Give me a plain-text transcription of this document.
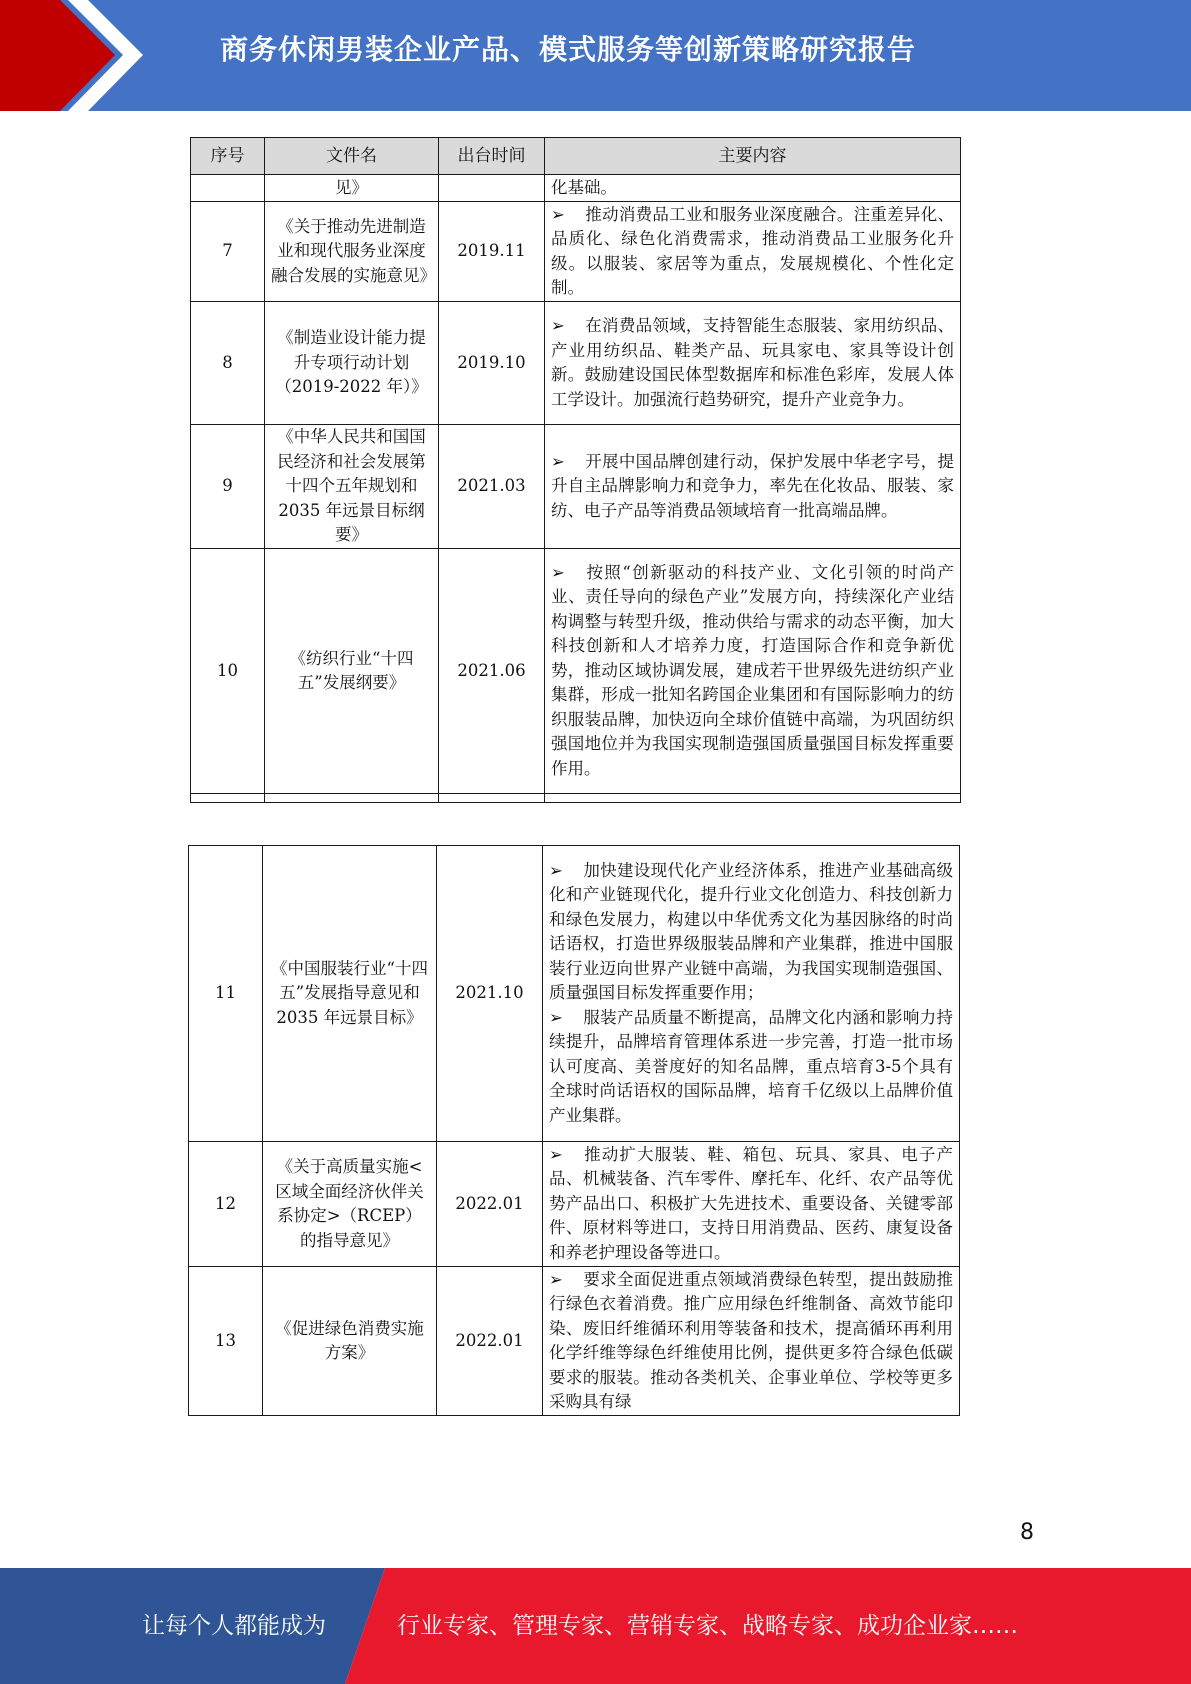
商务休闲男装企业产品、模式服务等创新策略研究报告
序号	文件名	出台时间	主要内容
	见》		化基础。
7	《关于推动先进制造业和现代服务业深度融合发展的实施意见》	2019.11	➢ 推动消费品工业和服务业深度融合。注重差异化、品质化、绿色化消费需求，推动消费品工业服务化升级。以服装、家居等为重点，发展规模化、个性化定制。
8	《制造业设计能力提升专项行动计划（2019-2022 年）》	2019.10	➢ 在消费品领域，支持智能生态服装、家用纺织品、产业用纺织品、鞋类产品、玩具家电、家具等设计创新。鼓励建设国民体型数据库和标准色彩库，发展人体工学设计。加强流行趋势研究，提升产业竞争力。
9	《中华人民共和国国民经济和社会发展第十四个五年规划和 2035 年远景目标纲要》	2021.03	➢ 开展中国品牌创建行动，保护发展中华老字号，提升自主品牌影响力和竞争力，率先在化妆品、服装、家纺、电子产品等消费品领域培育一批高端品牌。
10	《纺织行业“十四五”发展纲要》	2021.06	➢ 按照“创新驱动的科技产业、文化引领的时尚产业、责任导向的绿色产业”发展方向，持续深化产业结构调整与转型升级，推动供给与需求的动态平衡，加大科技创新和人才培养力度，打造国际合作和竞争新优势，推动区域协调发展，建成若干世界级先进纺织产业集群，形成一批知名跨国企业集团和有国际影响力的纺织服装品牌，加快迈向全球价值链中高端，为巩固纺织强国地位并为我国实现制造强国质量强国目标发挥重要作用。

11	《中国服装行业“十四五”发展指导意见和 2035 年远景目标》	2021.10	➢ 加快建设现代化产业经济体系，推进产业基础高级化和产业链现代化，提升行业文化创造力、科技创新力和绿色发展力，构建以中华优秀文化为基因脉络的时尚话语权，打造世界级服装品牌和产业集群，推进中国服装行业迈向世界产业链中高端，为我国实现制造强国、质量强国目标发挥重要作用；
➢ 服装产品质量不断提高，品牌文化内涵和影响力持续提升，品牌培育管理体系进一步完善，打造一批市场认可度高、美誉度好的知名品牌，重点培育3-5个具有全球时尚话语权的国际品牌，培育千亿级以上品牌价值产业集群。

12	《关于高质量实施<区域全面经济伙伴关系协定>（RCEP）的指导意见》	2022.01	➢ 推动扩大服装、鞋、箱包、玩具、家具、电子产品、机械装备、汽车零件、摩托车、化纤、农产品等优势产品出口、积极扩大先进技术、重要设备、关键零部件、原材料等进口，支持日用消费品、医药、康复设备和养老护理设备等进口。
13	《促进绿色消费实施方案》	2022.01	➢ 要求全面促进重点领域消费绿色转型，提出鼓励推行绿色衣着消费。推广应用绿色纤维制备、高效节能印染、废旧纤维循环利用等装备和技术，提高循环再利用化学纤维等绿色纤维使用比例，提供更多符合绿色低碳要求的服装。推动各类机关、企事业单位、学校等更多采购具有绿
8
让每个人都能成为	行业专家、管理专家、营销专家、战略专家、成功企业家……
